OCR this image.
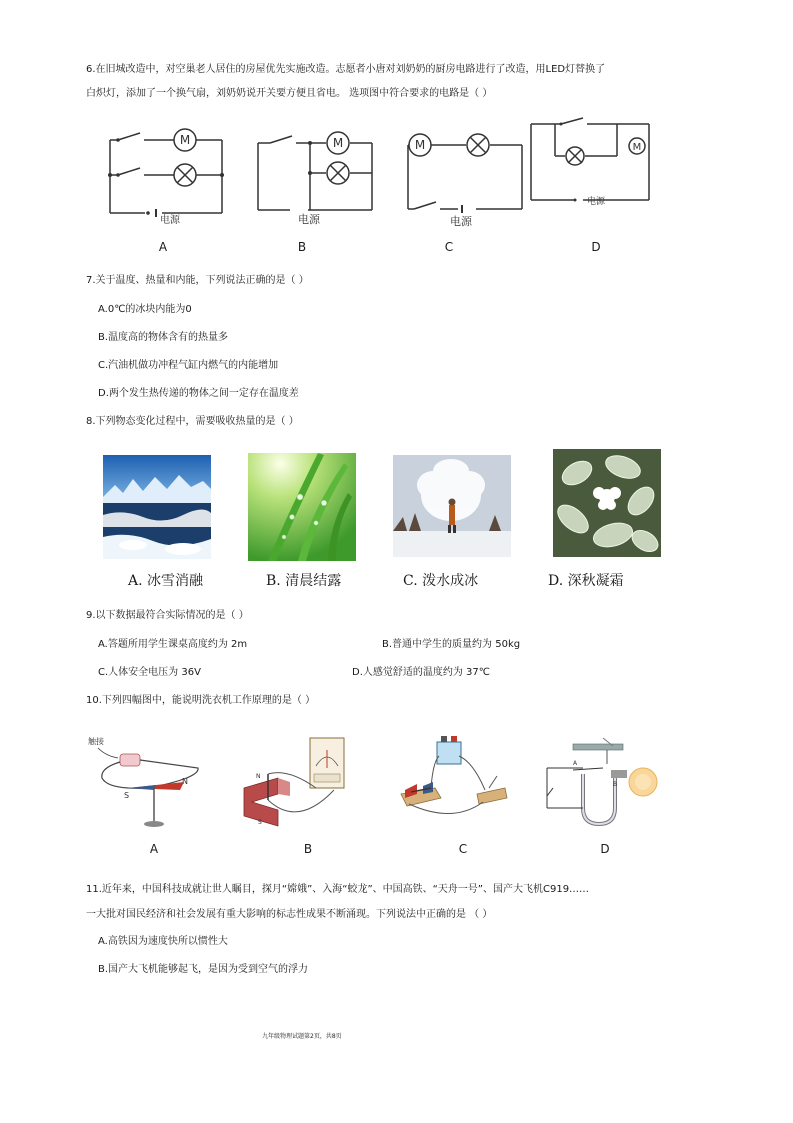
6.在旧城改造中，对空巢老人居住的房屋优先实施改造。志愿者小唐对刘奶奶的厨房电路进行了改造，用LED灯替换了
白炽灯，添加了一个换气扇，刘奶奶说开关要方便且省电。 选项图中符合要求的电路是（ ）
M
电源
M
电源
M
电源
M
电源
A	B	C	D
7.关于温度、热量和内能，下列说法正确的是（ ）
A.0℃的冰块内能为0
B.温度高的物体含有的热量多
C.汽油机做功冲程气缸内燃气的内能增加
D.两个发生热传递的物体之间一定存在温度差
8.下列物态变化过程中，需要吸收热量的是（ ）
A. 冰雪消融	B. 清晨结露	C. 泼水成冰	D. 深秋凝霜
9.以下数据最符合实际情况的是（ ）
A.答题所用学生课桌高度约为 2m	B.普通中学生的质量约为 50kg
C.人体安全电压为 36V	D.人感觉舒适的温度约为 37℃
10.下列四幅图中，能说明洗衣机工作原理的是（ ）
触接
S
N
N
S
A
B
A	B	C	D
11.近年来，中国科技成就让世人瞩目，探月“嫦娥”、入海“蛟龙”、中国高铁、“天舟一号”、国产大飞机C919……
一大批对国民经济和社会发展有重大影响的标志性成果不断涌现。下列说法中正确的是 （ ）
A.高铁因为速度快所以惯性大
B.国产大飞机能够起飞，是因为受到空气的浮力
九年级物理试题第2页，共8页
